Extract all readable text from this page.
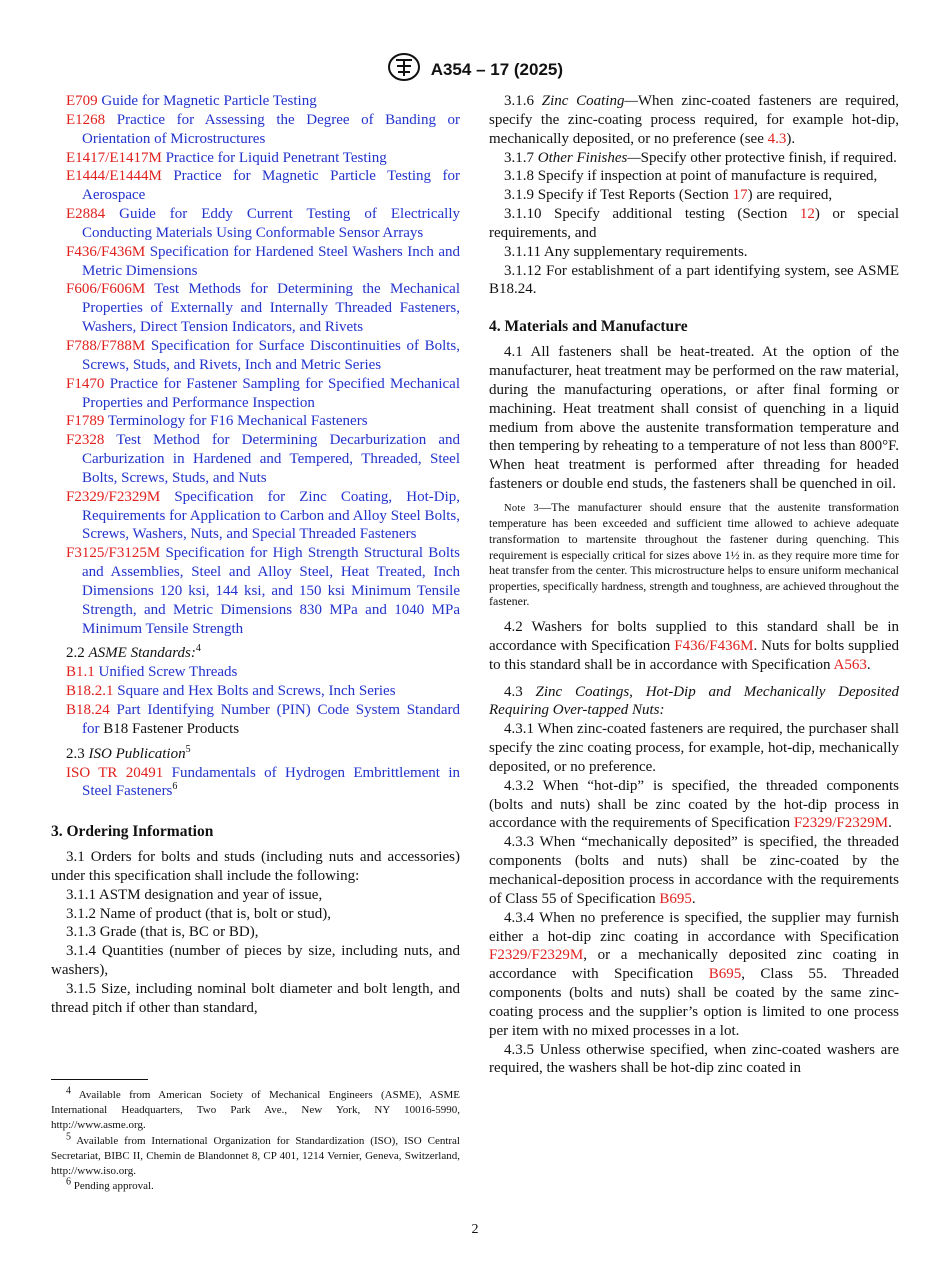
A354 – 17 (2025)

E709 Guide for Magnetic Particle Testing

E1268 Practice for Assessing the Degree of Banding or Orientation of Microstructures

E1417/E1417M Practice for Liquid Penetrant Testing

E1444/E1444M Practice for Magnetic Particle Testing for Aerospace

E2884 Guide for Eddy Current Testing of Electrically Conducting Materials Using Conformable Sensor Arrays

F436/F436M Specification for Hardened Steel Washers Inch and Metric Dimensions

F606/F606M Test Methods for Determining the Mechanical Properties of Externally and Internally Threaded Fasteners, Washers, Direct Tension Indicators, and Rivets

F788/F788M Specification for Surface Discontinuities of Bolts, Screws, Studs, and Rivets, Inch and Metric Series

F1470 Practice for Fastener Sampling for Specified Mechanical Properties and Performance Inspection

F1789 Terminology for F16 Mechanical Fasteners

F2328 Test Method for Determining Decarburization and Carburization in Hardened and Tempered, Threaded, Steel Bolts, Screws, Studs, and Nuts

F2329/F2329M Specification for Zinc Coating, Hot-Dip, Requirements for Application to Carbon and Alloy Steel Bolts, Screws, Washers, Nuts, and Special Threaded Fasteners

F3125/F3125M Specification for High Strength Structural Bolts and Assemblies, Steel and Alloy Steel, Heat Treated, Inch Dimensions 120 ksi, 144 ksi, and 150 ksi Minimum Tensile Strength, and Metric Dimensions 830 MPa and 1040 MPa Minimum Tensile Strength

2.2 ASME Standards:$^4$

B1.1 Unified Screw Threads

B18.2.1 Square and Hex Bolts and Screws, Inch Series

B18.24 Part Identifying Number (PIN) Code System Standard for B18 Fastener Products

2.3 ISO Publication$^5$

ISO TR 20491 Fundamentals of Hydrogen Embrittlement in Steel Fasteners$^6$

3. Ordering Information

3.1 Orders for bolts and studs (including nuts and accessories) under this specification shall include the following:

3.1.1 ASTM designation and year of issue,

3.1.2 Name of product (that is, bolt or stud),

3.1.3 Grade (that is, BC or BD),

3.1.4 Quantities (number of pieces by size, including nuts, and washers),

3.1.5 Size, including nominal bolt diameter and bolt length, and thread pitch if other than standard,

$^4$ Available from American Society of Mechanical Engineers (ASME), ASME International Headquarters, Two Park Ave., New York, NY 10016-5990, http://www.asme.org.

$^5$ Available from International Organization for Standardization (ISO), ISO Central Secretariat, BIBC II, Chemin de Blandonnet 8, CP 401, 1214 Vernier, Geneva, Switzerland, http://www.iso.org.

$^6$ Pending approval.

3.1.6 Zinc Coating—When zinc-coated fasteners are required, specify the zinc-coating process required, for example hot-dip, mechanically deposited, or no preference (see 4.3).

3.1.7 Other Finishes—Specify other protective finish, if required.

3.1.8 Specify if inspection at point of manufacture is required,

3.1.9 Specify if Test Reports (Section 17) are required,

3.1.10 Specify additional testing (Section 12) or special requirements, and

3.1.11 Any supplementary requirements.

3.1.12 For establishment of a part identifying system, see ASME B18.24.

4. Materials and Manufacture

4.1 All fasteners shall be heat-treated. At the option of the manufacturer, heat treatment may be performed on the raw material, during the manufacturing operations, or after final forming or machining. Heat treatment shall consist of quenching in a liquid medium from above the austenite transformation temperature and then tempering by reheating to a temperature of not less than 800°F. When heat treatment is performed after threading for headed fasteners or double end studs, the fasteners shall be quenched in oil.

Note 3—The manufacturer should ensure that the austenite transformation temperature has been exceeded and sufficient time allowed to achieve adequate transformation to martensite throughout the fastener during quenching. This requirement is especially critical for sizes above 1½ in. as they require more time for heat transfer from the center. This microstructure helps to ensure uniform mechanical properties, specifically hardness, strength and toughness, are achieved throughout the fastener.

4.2 Washers for bolts supplied to this standard shall be in accordance with Specification F436/F436M. Nuts for bolts supplied to this standard shall be in accordance with Specification A563.

4.3 Zinc Coatings, Hot-Dip and Mechanically Deposited Requiring Over-tapped Nuts:

4.3.1 When zinc-coated fasteners are required, the purchaser shall specify the zinc coating process, for example, hot-dip, mechanically deposited, or no preference.

4.3.2 When “hot-dip” is specified, the threaded components (bolts and nuts) shall be zinc coated by the hot-dip process in accordance with the requirements of Specification F2329/F2329M.

4.3.3 When “mechanically deposited” is specified, the threaded components (bolts and nuts) shall be zinc-coated by the mechanical-deposition process in accordance with the requirements of Class 55 of Specification B695.

4.3.4 When no preference is specified, the supplier may furnish either a hot-dip zinc coating in accordance with Specification F2329/F2329M, or a mechanically deposited zinc coating in accordance with Specification B695, Class 55. Threaded components (bolts and nuts) shall be coated by the same zinc-coating process and the supplier’s option is limited to one process per item with no mixed processes in a lot.

4.3.5 Unless otherwise specified, when zinc-coated washers are required, the washers shall be hot-dip zinc coated in

2
